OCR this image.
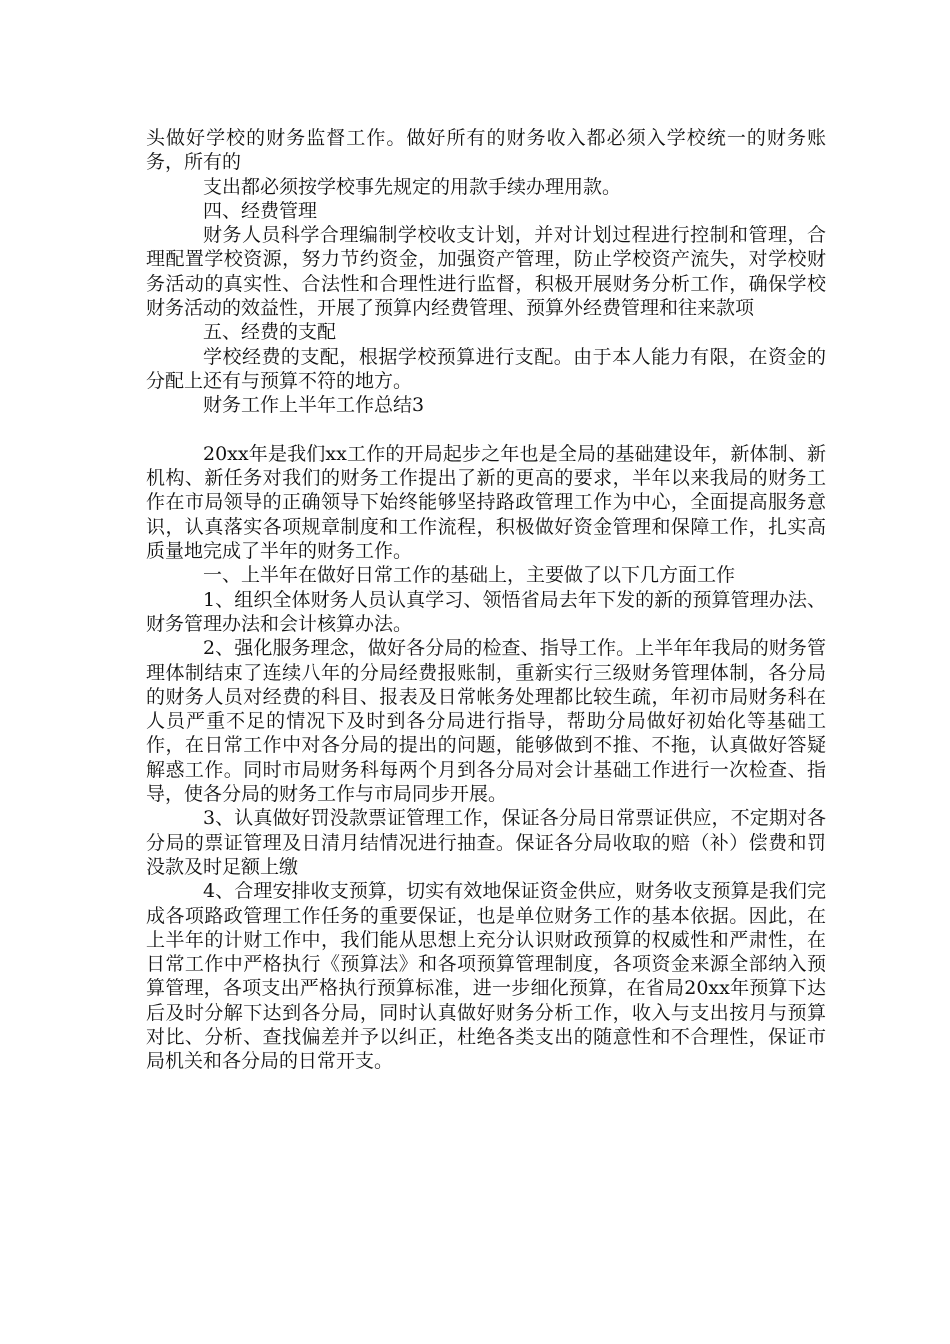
头做好学校的财务监督工作。做好所有的财务收入都必须入学校统一的财务账务，所有的

支出都必须按学校事先规定的用款手续办理用款。

四、经费管理

财务人员科学合理编制学校收支计划，并对计划过程进行控制和管理，合理配置学校资源，努力节约资金，加强资产管理，防止学校资产流失，对学校财务活动的真实性、合法性和合理性进行监督，积极开展财务分析工作，确保学校财务活动的效益性，开展了预算内经费管理、预算外经费管理和往来款项

五、经费的支配

学校经费的支配，根据学校预算进行支配。由于本人能力有限，在资金的分配上还有与预算不符的地方。

财务工作上半年工作总结3

20xx年是我们xx工作的开局起步之年也是全局的基础建设年，新体制、新机构、新任务对我们的财务工作提出了新的更高的要求，半年以来我局的财务工作在市局领导的正确领导下始终能够坚持路政管理工作为中心，全面提高服务意识，认真落实各项规章制度和工作流程，积极做好资金管理和保障工作，扎实高质量地完成了半年的财务工作。

一、上半年在做好日常工作的基础上，主要做了以下几方面工作

1、组织全体财务人员认真学习、领悟省局去年下发的新的预算管理办法、财务管理办法和会计核算办法。

2、强化服务理念，做好各分局的检查、指导工作。上半年年我局的财务管理体制结束了连续八年的分局经费报账制，重新实行三级财务管理体制，各分局的财务人员对经费的科目、报表及日常帐务处理都比较生疏，年初市局财务科在人员严重不足的情况下及时到各分局进行指导，帮助分局做好初始化等基础工作，在日常工作中对各分局的提出的问题，能够做到不推、不拖，认真做好答疑解惑工作。同时市局财务科每两个月到各分局对会计基础工作进行一次检查、指导，使各分局的财务工作与市局同步开展。

3、认真做好罚没款票证管理工作，保证各分局日常票证供应，不定期对各分局的票证管理及日清月结情况进行抽查。保证各分局收取的赔（补）偿费和罚没款及时足额上缴

4、合理安排收支预算，切实有效地保证资金供应，财务收支预算是我们完成各项路政管理工作任务的重要保证，也是单位财务工作的基本依据。因此，在上半年的计财工作中，我们能从思想上充分认识财政预算的权威性和严肃性，在日常工作中严格执行《预算法》和各项预算管理制度，各项资金来源全部纳入预算管理，各项支出严格执行预算标准，进一步细化预算，在省局20xx年预算下达后及时分解下达到各分局，同时认真做好财务分析工作，收入与支出按月与预算对比、分析、查找偏差并予以纠正，杜绝各类支出的随意性和不合理性，保证市局机关和各分局的日常开支。
